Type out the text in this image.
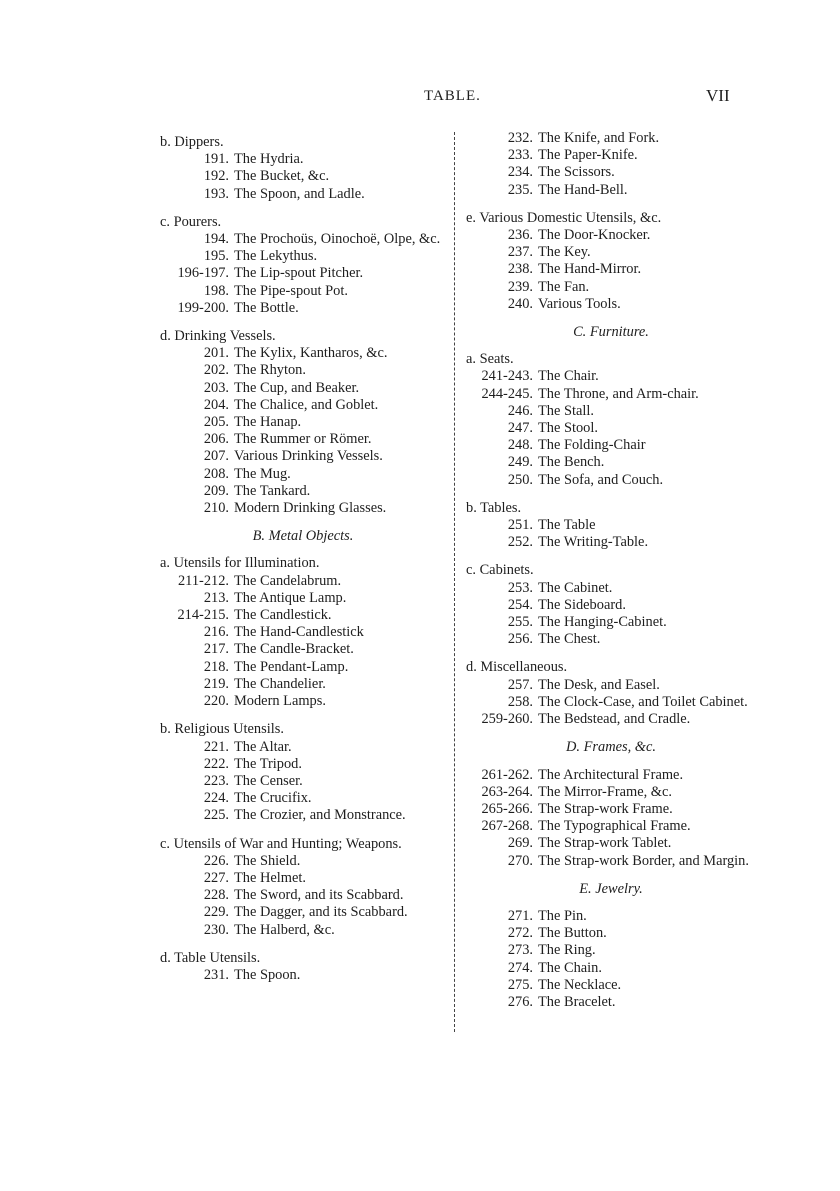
TABLE.	VII
b. Dippers.
191. The Hydria.
192. The Bucket, &c.
193. The Spoon, and Ladle.
c. Pourers.
194. The Prochoüs, Oinochoë, Olpe, &c.
195. The Lekythus.
196-197. The Lip-spout Pitcher.
198. The Pipe-spout Pot.
199-200. The Bottle.
d. Drinking Vessels.
201. The Kylix, Kantharos, &c.
202. The Rhyton.
203. The Cup, and Beaker.
204. The Chalice, and Goblet.
205. The Hanap.
206. The Rummer or Römer.
207. Various Drinking Vessels.
208. The Mug.
209. The Tankard.
210. Modern Drinking Glasses.
B. Metal Objects.
a. Utensils for Illumination.
211-212. The Candelabrum.
213. The Antique Lamp.
214-215. The Candlestick.
216. The Hand-Candlestick
217. The Candle-Bracket.
218. The Pendant-Lamp.
219. The Chandelier.
220. Modern Lamps.
b. Religious Utensils.
221. The Altar.
222. The Tripod.
223. The Censer.
224. The Crucifix.
225. The Crozier, and Monstrance.
c. Utensils of War and Hunting; Weapons.
226. The Shield.
227. The Helmet.
228. The Sword, and its Scabbard.
229. The Dagger, and its Scabbard.
230. The Halberd, &c.
d. Table Utensils.
231. The Spoon.
232. The Knife, and Fork.
233. The Paper-Knife.
234. The Scissors.
235. The Hand-Bell.
e. Various Domestic Utensils, &c.
236. The Door-Knocker.
237. The Key.
238. The Hand-Mirror.
239. The Fan.
240. Various Tools.
C. Furniture.
a. Seats.
241-243. The Chair.
244-245. The Throne, and Arm-chair.
246. The Stall.
247. The Stool.
248. The Folding-Chair
249. The Bench.
250. The Sofa, and Couch.
b. Tables.
251. The Table
252. The Writing-Table.
c. Cabinets.
253. The Cabinet.
254. The Sideboard.
255. The Hanging-Cabinet.
256. The Chest.
d. Miscellaneous.
257. The Desk, and Easel.
258. The Clock-Case, and Toilet Cabinet.
259-260. The Bedstead, and Cradle.
D. Frames, &c.
261-262. The Architectural Frame.
263-264. The Mirror-Frame, &c.
265-266. The Strap-work Frame.
267-268. The Typographical Frame.
269. The Strap-work Tablet.
270. The Strap-work Border, and Margin.
E. Jewelry.
271. The Pin.
272. The Button.
273. The Ring.
274. The Chain.
275. The Necklace.
276. The Bracelet.
